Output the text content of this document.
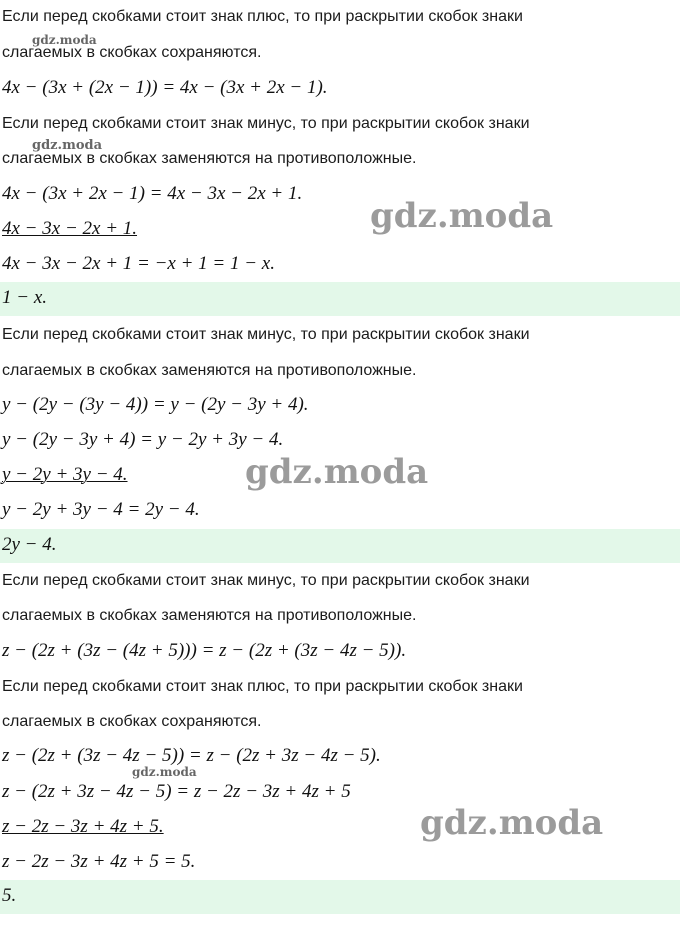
Если перед скобками стоит знак плюс, то при раскрытии скобок знаки
gdz.moda
слагаемых в скобках сохраняются.
4x − (3x + (2x − 1)) = 4x − (3x + 2x − 1).
Если перед скобками стоит знак минус, то при раскрытии скобок знаки
gdz.moda
слагаемых в скобках заменяются на противоположные.
4x − (3x + 2x − 1) = 4x − 3x − 2x + 1.
4x − 3x − 2x + 1.	gdz.moda
4x − 3x − 2x + 1 = −x + 1 = 1 − x.
1 − x.
Если перед скобками стоит знак минус, то при раскрытии скобок знаки
слагаемых в скобках заменяются на противоположные.
y − (2y − (3y − 4)) = y − (2y − 3y + 4).
y − (2y − 3y + 4) = y − 2y + 3y − 4.
y − 2y + 3y − 4.	gdz.moda
y − 2y + 3y − 4 = 2y − 4.
2y − 4.
Если перед скобками стоит знак минус, то при раскрытии скобок знаки
слагаемых в скобках заменяются на противоположные.
z − (2z + (3z − (4z + 5))) = z − (2z + (3z − 4z − 5)).
Если перед скобками стоит знак плюс, то при раскрытии скобок знаки
слагаемых в скобках сохраняются.
z − (2z + (3z − 4z − 5)) = z − (2z + 3z − 4z − 5).
gdz.moda
z − (2z + 3z − 4z − 5) = z − 2z − 3z + 4z + 5
z − 2z − 3z + 4z + 5.	gdz.moda
z − 2z − 3z + 4z + 5 = 5.
5.
